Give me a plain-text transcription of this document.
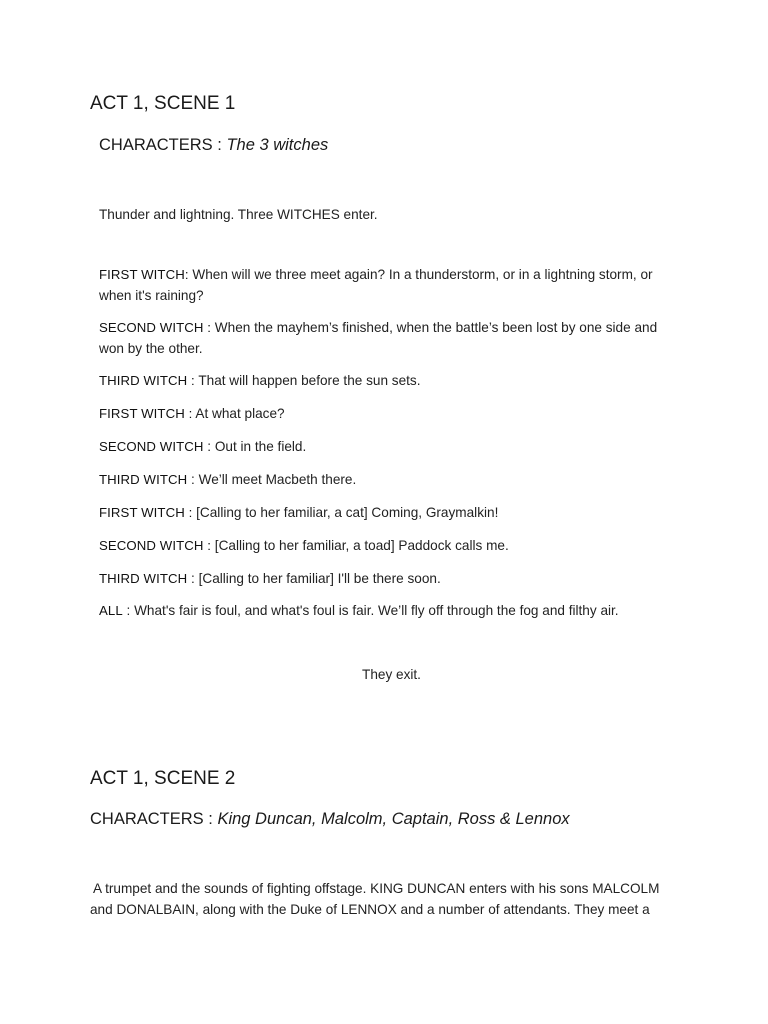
ACT 1, SCENE 1

CHARACTERS : The 3 witches

Thunder and lightning. Three WITCHES enter.

FIRST WITCH: When will we three meet again? In a thunderstorm, or in a lightning storm, or when it's raining?

SECOND WITCH : When the mayhem’s finished, when the battle’s been lost by one side and won by the other.

THIRD WITCH : That will happen before the sun sets.

FIRST WITCH : At what place?

SECOND WITCH : Out in the field.

THIRD WITCH : We’ll meet Macbeth there.

FIRST WITCH : [Calling to her familiar, a cat] Coming, Graymalkin!

SECOND WITCH : [Calling to her familiar, a toad] Paddock calls me.

THIRD WITCH : [Calling to her familiar] I'll be there soon.

ALL : What's fair is foul, and what's foul is fair. We’ll fly off through the fog and filthy air.

They exit.

ACT 1, SCENE 2

CHARACTERS : King Duncan, Malcolm, Captain, Ross & Lennox

A trumpet and the sounds of fighting offstage. KING DUNCAN enters with his sons MALCOLM

and DONALBAIN, along with the Duke of LENNOX and a number of attendants. They meet a
